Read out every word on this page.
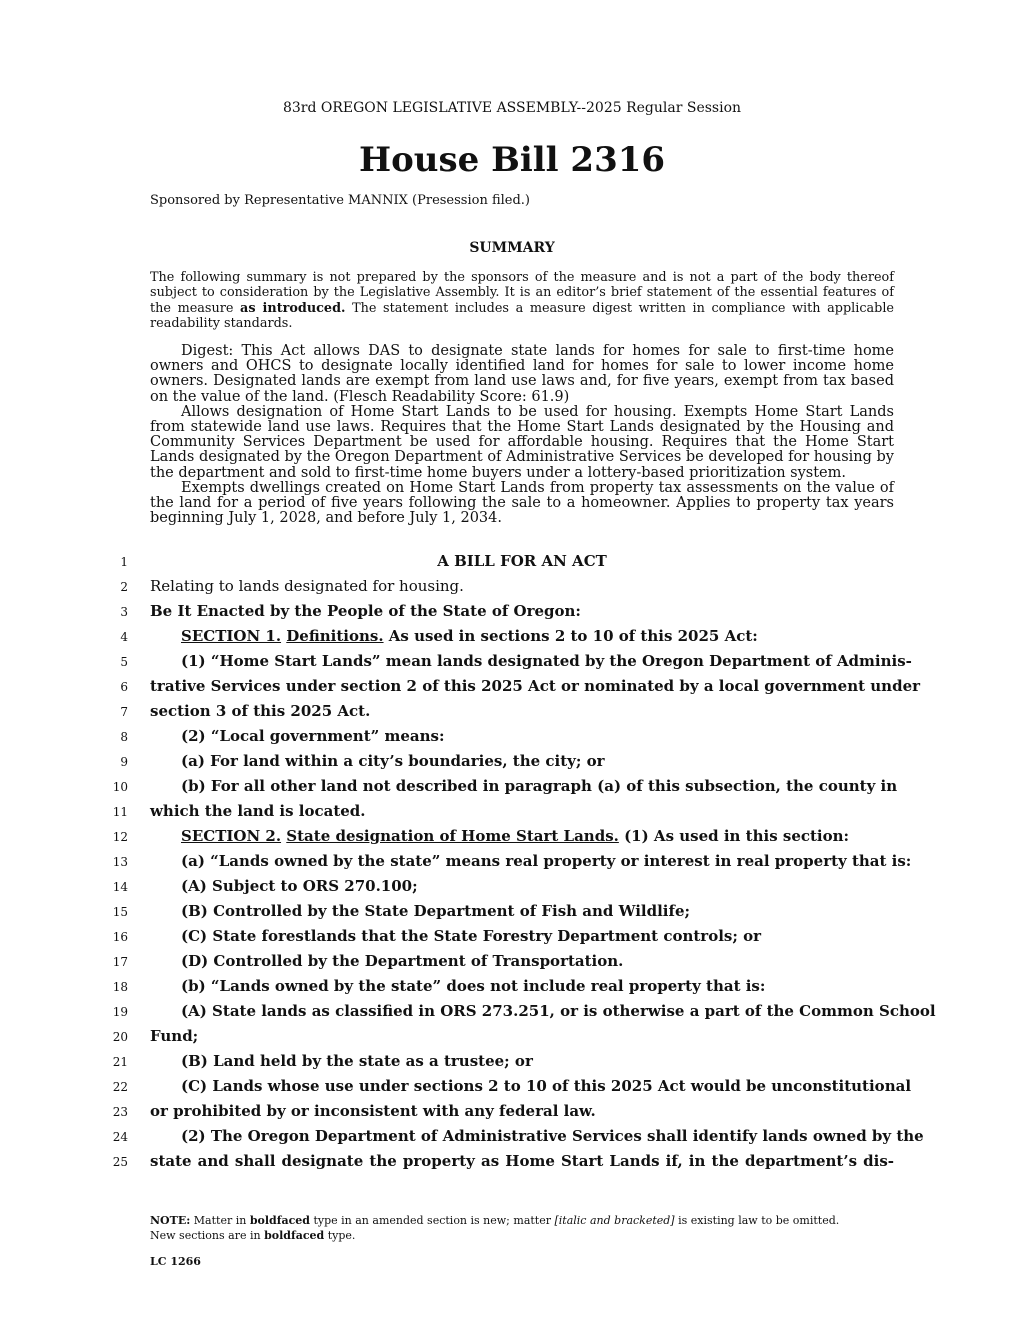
83rd OREGON LEGISLATIVE ASSEMBLY--2025 Regular Session
House Bill 2316
Sponsored by Representative MANNIX (Presession filed.)
SUMMARY
The following summary is not prepared by the sponsors of the measure and is not a part of the body thereof subject to consideration by the Legislative Assembly. It is an editor’s brief statement of the essential features of the measure as introduced. The statement includes a measure digest written in compliance with applicable readability standards.

Digest: This Act allows DAS to designate state lands for homes for sale to first-time home owners and OHCS to designate locally identified land for homes for sale to lower income home owners. Designated lands are exempt from land use laws and, for five years, exempt from tax based on the value of the land. (Flesch Readability Score: 61.9)

Allows designation of Home Start Lands to be used for housing. Exempts Home Start Lands from statewide land use laws. Requires that the Home Start Lands designated by the Housing and Community Services Department be used for affordable housing. Requires that the Home Start Lands designated by the Oregon Department of Administrative Services be developed for housing by the department and sold to first-time home buyers under a lottery-based prioritization system.

Exempts dwellings created on Home Start Lands from property tax assessments on the value of the land for a period of five years following the sale to a homeowner. Applies to property tax years beginning July 1, 2028, and before July 1, 2034.

1	A BILL FOR AN ACT
2 Relating to lands designated for housing.
3 Be It Enacted by the People of the State of Oregon:
4	SECTION 1. Definitions. As used in sections 2 to 10 of this 2025 Act:
5	(1) “Home Start Lands” mean lands designated by the Oregon Department of Adminis-
6 trative Services under section 2 of this 2025 Act or nominated by a local government under
7 section 3 of this 2025 Act.
8	(2) “Local government” means:
9	(a) For land within a city’s boundaries, the city; or
10	(b) For all other land not described in paragraph (a) of this subsection, the county in
11 which the land is located.
12	SECTION 2. State designation of Home Start Lands. (1) As used in this section:
13	(a) “Lands owned by the state” means real property or interest in real property that is:
14	(A) Subject to ORS 270.100;
15	(B) Controlled by the State Department of Fish and Wildlife;
16	(C) State forestlands that the State Forestry Department controls; or
17	(D) Controlled by the Department of Transportation.
18	(b) “Lands owned by the state” does not include real property that is:
19	(A) State lands as classified in ORS 273.251, or is otherwise a part of the Common School
20 Fund;
21	(B) Land held by the state as a trustee; or
22	(C) Lands whose use under sections 2 to 10 of this 2025 Act would be unconstitutional
23 or prohibited by or inconsistent with any federal law.
24	(2) The Oregon Department of Administrative Services shall identify lands owned by the
25 state and shall designate the property as Home Start Lands if, in the department’s dis-
NOTE: Matter in boldfaced type in an amended section is new; matter [italic and bracketed] is existing law to be omitted.
New sections are in boldfaced type.
LC 1266
